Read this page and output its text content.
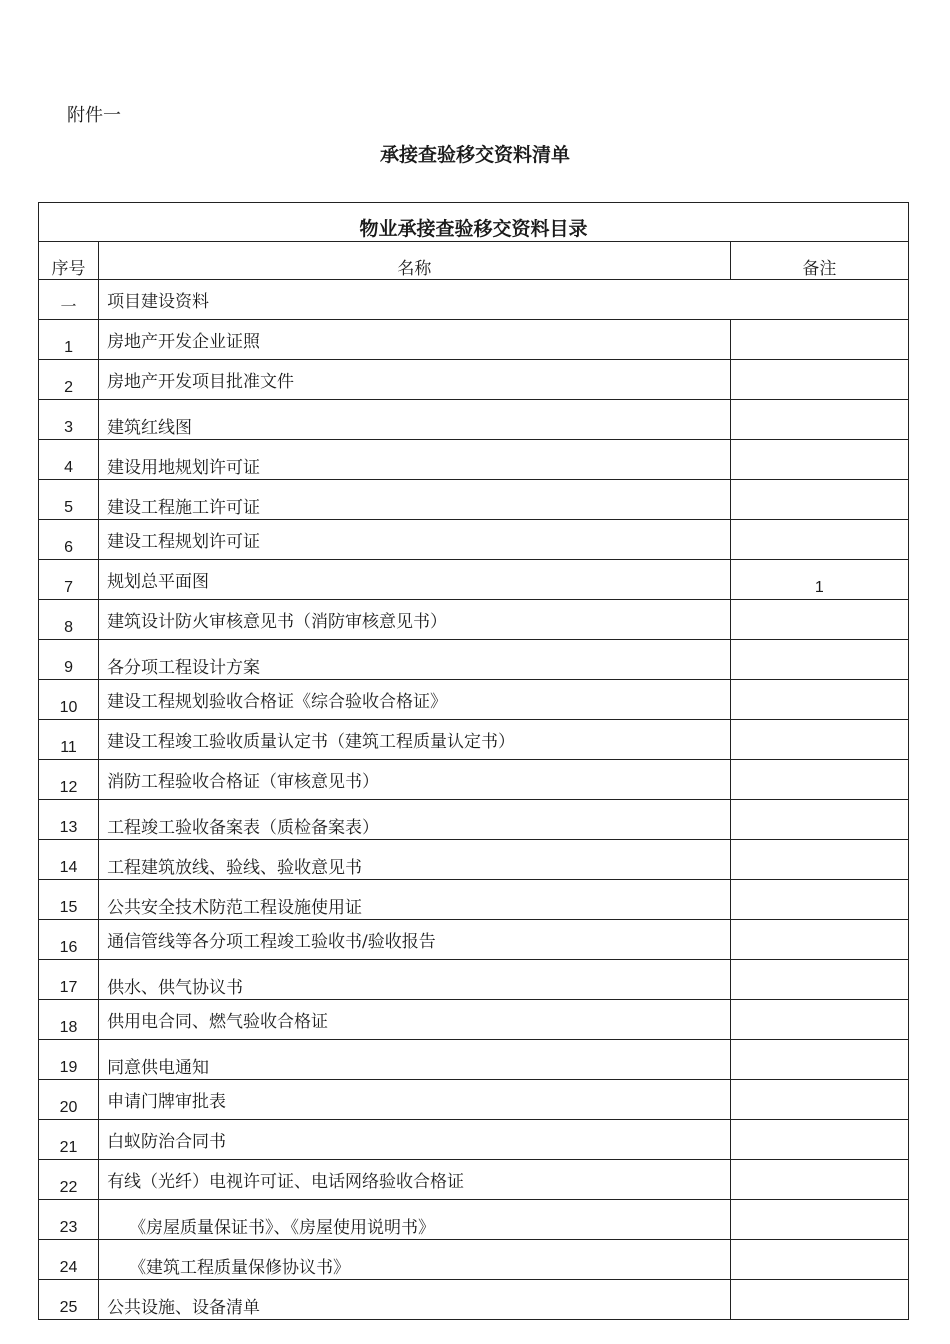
附件一
承接查验移交资料清单
物业承接查验移交资料目录		
序号	名称	备注
一	项目建设资料	
1	房地产开发企业证照	
2	房地产开发项目批准文件	
3	建筑红线图	
4	建设用地规划许可证	
5	建设工程施工许可证	
6	建设工程规划许可证	
7	规划总平面图	1
8	建筑设计防火审核意见书（消防审核意见书）	
9	各分项工程设计方案	
10	建设工程规划验收合格证《综合验收合格证》	
11	建设工程竣工验收质量认定书（建筑工程质量认定书）	
12	消防工程验收合格证（审核意见书）	
13	工程竣工验收备案表（质检备案表）	
14	工程建筑放线、验线、验收意见书	
15	公共安全技术防范工程设施使用证	
16	通信管线等各分项工程竣工验收书/验收报告	
17	供水、供气协议书	
18	供用电合同、燃气验收合格证	
19	同意供电通知	
20	申请门牌审批表	
21	白蚁防治合同书	
22	有线（光纤）电视许可证、电话网络验收合格证	
23	《房屋质量保证书》、《房屋使用说明书》	
24	《建筑工程质量保修协议书》	
25	公共设施、设备清单	
